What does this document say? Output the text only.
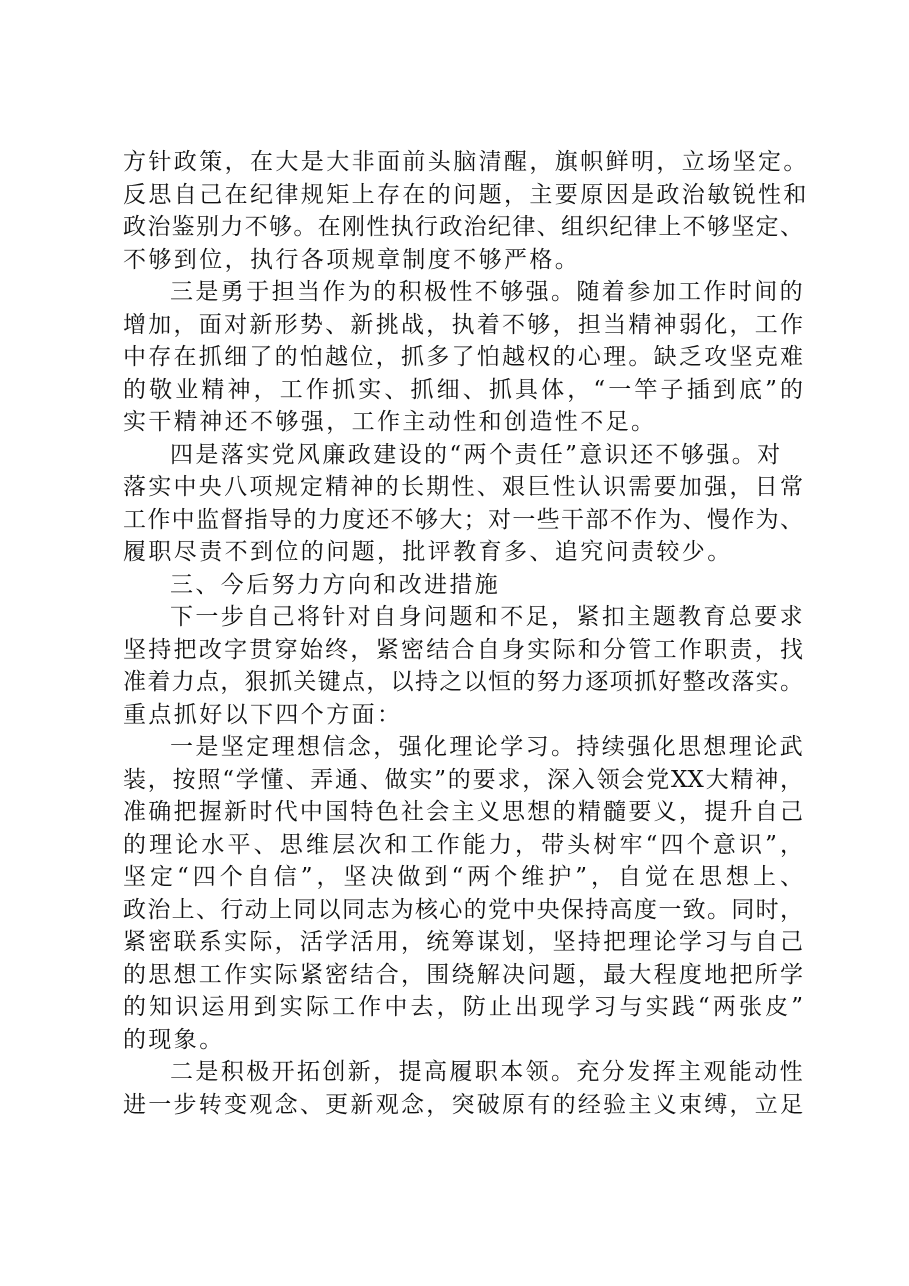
方针政策，在大是大非面前头脑清醒，旗帜鲜明，立场坚定。
反思自己在纪律规矩上存在的问题，主要原因是政治敏锐性和
政治鉴别力不够。在刚性执行政治纪律、组织纪律上不够坚定、
不够到位，执行各项规章制度不够严格。
三是勇于担当作为的积极性不够强。随着参加工作时间的
增加，面对新形势、新挑战，执着不够，担当精神弱化，工作
中存在抓细了的怕越位，抓多了怕越权的心理。缺乏攻坚克难
的敬业精神，工作抓实、抓细、抓具体，“一竿子插到底”的
实干精神还不够强，工作主动性和创造性不足。
四是落实党风廉政建设的“两个责任”意识还不够强。对
落实中央八项规定精神的长期性、艰巨性认识需要加强，日常
工作中监督指导的力度还不够大；对一些干部不作为、慢作为、
履职尽责不到位的问题，批评教育多、追究问责较少。
三、今后努力方向和改进措施
下一步自己将针对自身问题和不足，紧扣主题教育总要求
坚持把改字贯穿始终，紧密结合自身实际和分管工作职责，找
准着力点，狠抓关键点，以持之以恒的努力逐项抓好整改落实。
重点抓好以下四个方面：
一是坚定理想信念，强化理论学习。持续强化思想理论武
装，按照“学懂、弄通、做实”的要求，深入领会党XX大精神，
准确把握新时代中国特色社会主义思想的精髓要义，提升自己
的理论水平、思维层次和工作能力，带头树牢“四个意识”，
坚定“四个自信”，坚决做到“两个维护”，自觉在思想上、
政治上、行动上同以同志为核心的党中央保持高度一致。同时，
紧密联系实际，活学活用，统筹谋划，坚持把理论学习与自己
的思想工作实际紧密结合，围绕解决问题，最大程度地把所学
的知识运用到实际工作中去，防止出现学习与实践“两张皮”
的现象。
二是积极开拓创新，提高履职本领。充分发挥主观能动性
进一步转变观念、更新观念，突破原有的经验主义束缚，立足
